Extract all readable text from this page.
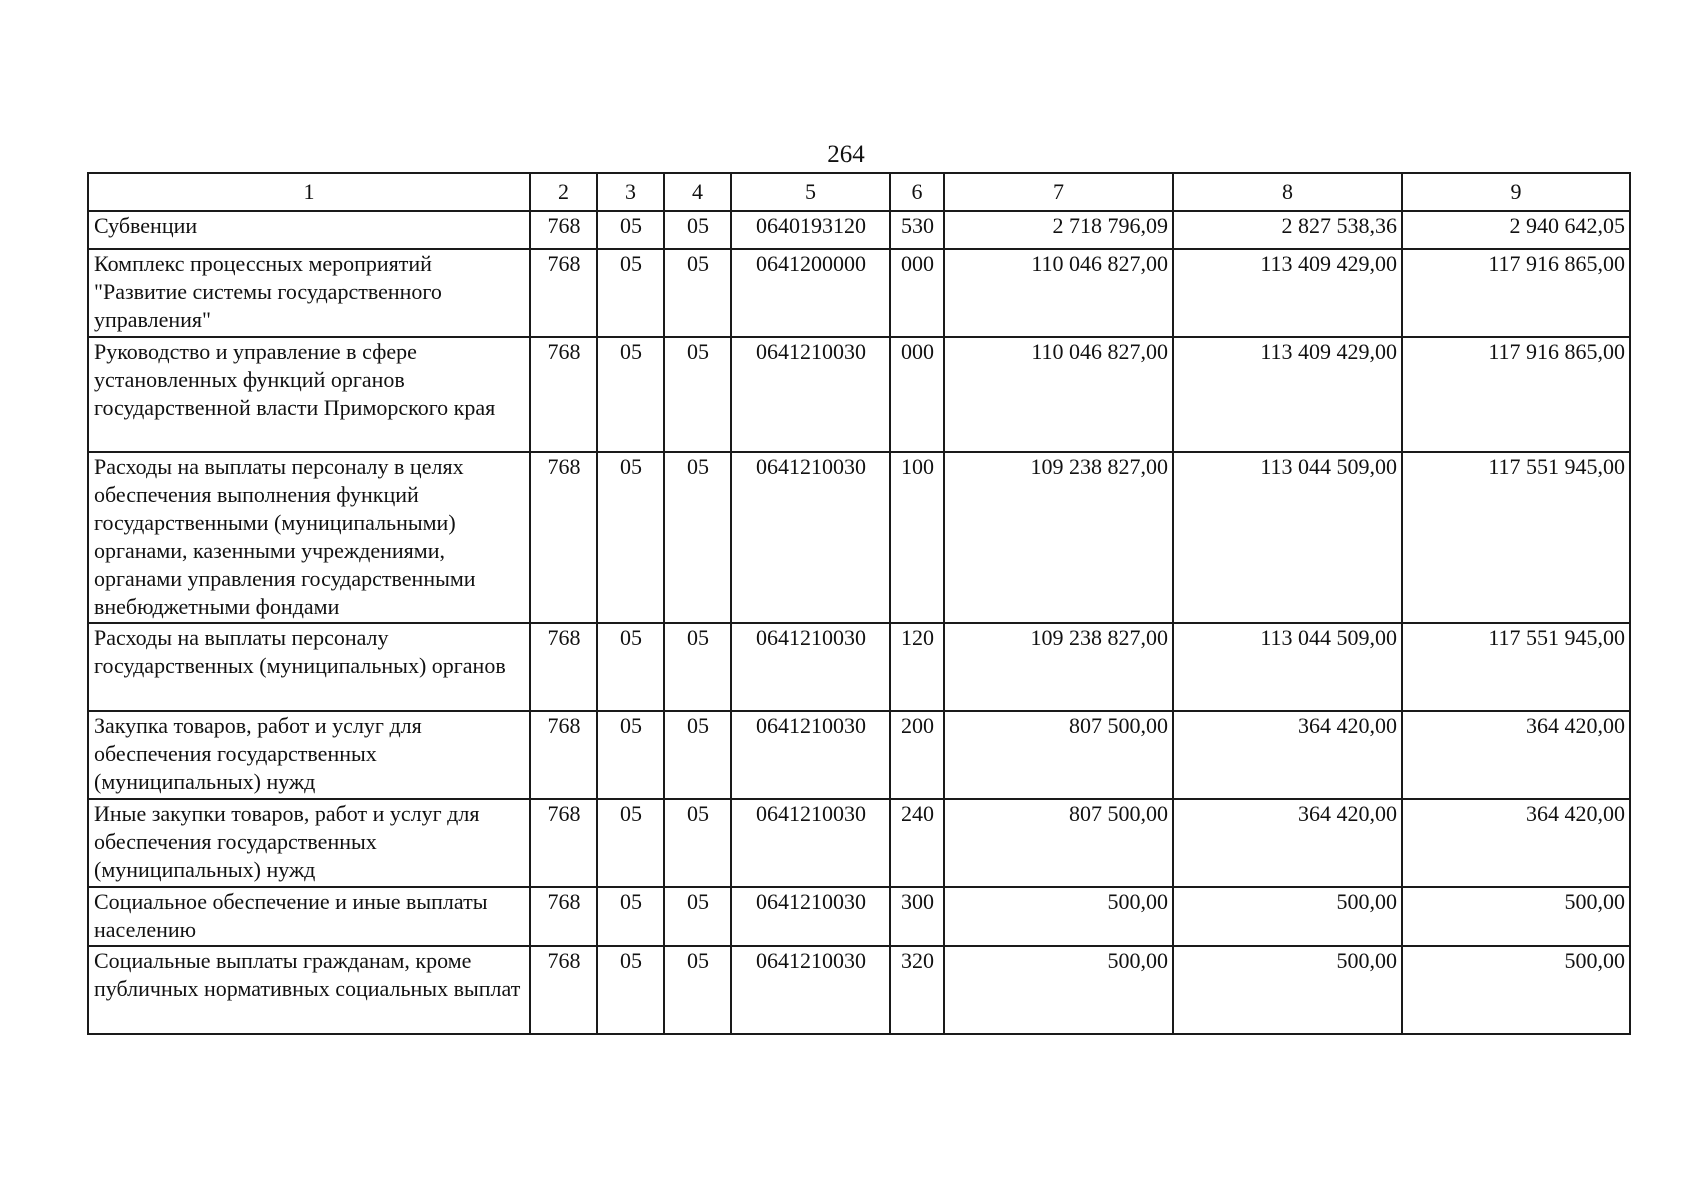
264
1	2	3	4	5	6	7	8	9
Субвенции	768	05	05	0640193120	530	2 718 796,09	2 827 538,36	2 940 642,05
Комплекс процессных мероприятий "Развитие системы государственного управления"	768	05	05	0641200000	000	110 046 827,00	113 409 429,00	117 916 865,00
Руководство и управление в сфере установленных функций органов государственной власти Приморского края	768	05	05	0641210030	000	110 046 827,00	113 409 429,00	117 916 865,00
Расходы на выплаты персоналу в целях обеспечения выполнения функций государственными (муниципальными) органами, казенными учреждениями, органами управления государственными внебюджетными фондами	768	05	05	0641210030	100	109 238 827,00	113 044 509,00	117 551 945,00
Расходы на выплаты персоналу государственных (муниципальных) органов	768	05	05	0641210030	120	109 238 827,00	113 044 509,00	117 551 945,00
Закупка товаров, работ и услуг для обеспечения государственных (муниципальных) нужд	768	05	05	0641210030	200	807 500,00	364 420,00	364 420,00
Иные закупки товаров, работ и услуг для обеспечения государственных (муниципальных) нужд	768	05	05	0641210030	240	807 500,00	364 420,00	364 420,00
Социальное обеспечение и иные выплаты населению	768	05	05	0641210030	300	500,00	500,00	500,00
Социальные выплаты гражданам, кроме публичных нормативных социальных выплат	768	05	05	0641210030	320	500,00	500,00	500,00
